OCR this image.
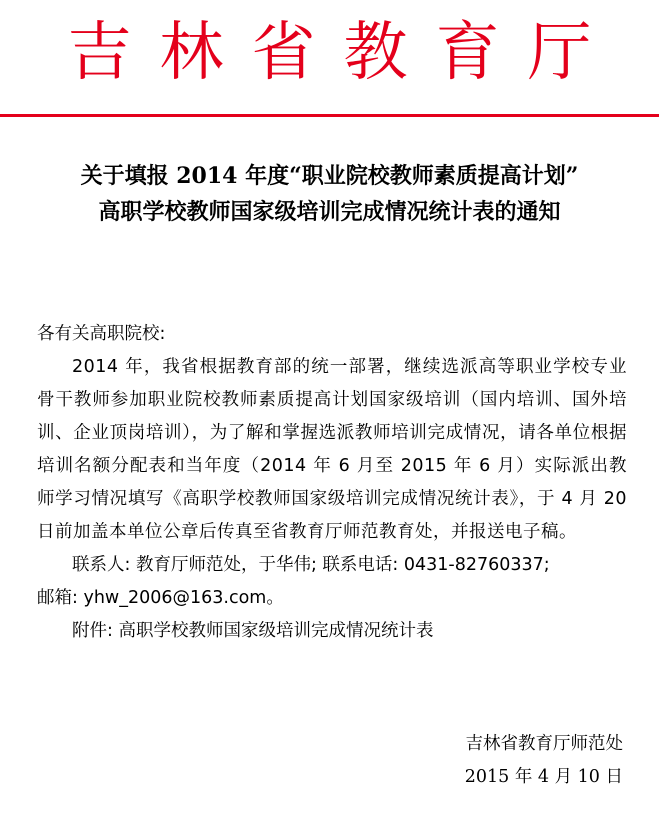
吉林省教育厅
关于填报 2014 年度“职业院校教师素质提高计划”
高职学校教师国家级培训完成情况统计表的通知

各有关高职院校:

2014 年，我省根据教育部的统一部署，继续选派高等职业学校专业骨干教师参加职业院校教师素质提高计划国家级培训（国内培训、国外培训、企业顶岗培训），为了解和掌握选派教师培训完成情况，请各单位根据培训名额分配表和当年度（2014 年 6 月至 2015 年 6 月）实际派出教师学习情况填写《高职学校教师国家级培训完成情况统计表》，于 4 月 20 日前加盖本单位公章后传真至省教育厅师范教育处，并报送电子稿。

联系人: 教育厅师范处，于华伟; 联系电话: 0431-82760337;

邮箱: yhw_2006@163.com。

附件: 高职学校教师国家级培训完成情况统计表

吉林省教育厅师范处
2015 年 4 月 10 日
